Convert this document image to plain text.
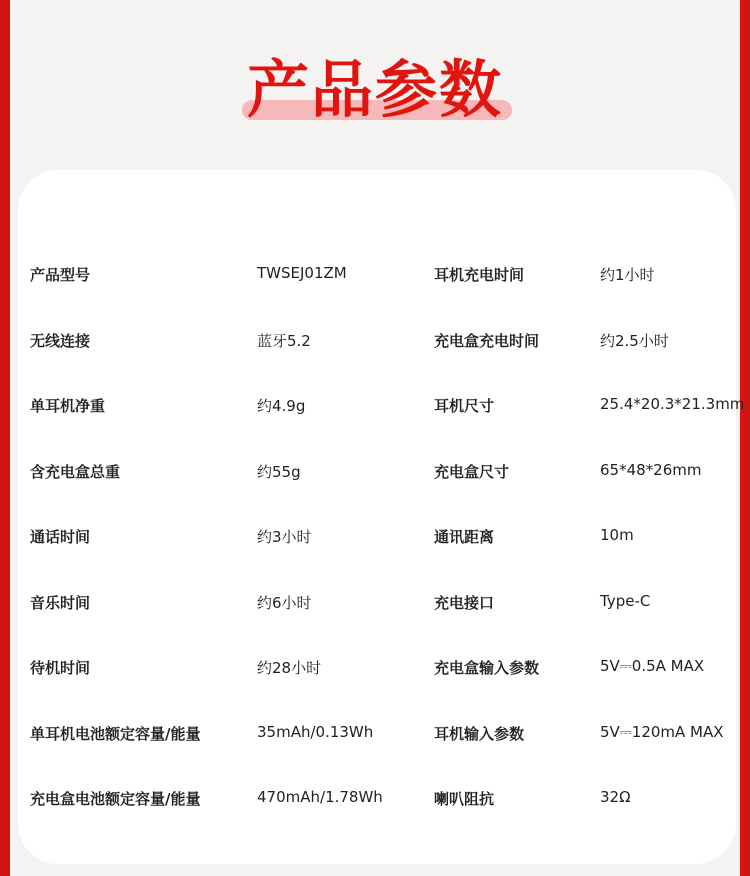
产品参数
产品型号	TWSEJ01ZM	耳机充电时间	约1小时
无线连接	蓝牙5.2	充电盒充电时间	约2.5小时
单耳机净重	约4.9g	耳机尺寸	25.4*20.3*21.3mm
含充电盒总重	约55g	充电盒尺寸	65*48*26mm
通话时间	约3小时	通讯距离	10m
音乐时间	约6小时	充电接口	Type-C
待机时间	约28小时	充电盒输入参数	5V⎓0.5A MAX
单耳机电池额定容量/能量	35mAh/0.13Wh	耳机输入参数	5V⎓120mA MAX
充电盒电池额定容量/能量	470mAh/1.78Wh	喇叭阻抗	32Ω
